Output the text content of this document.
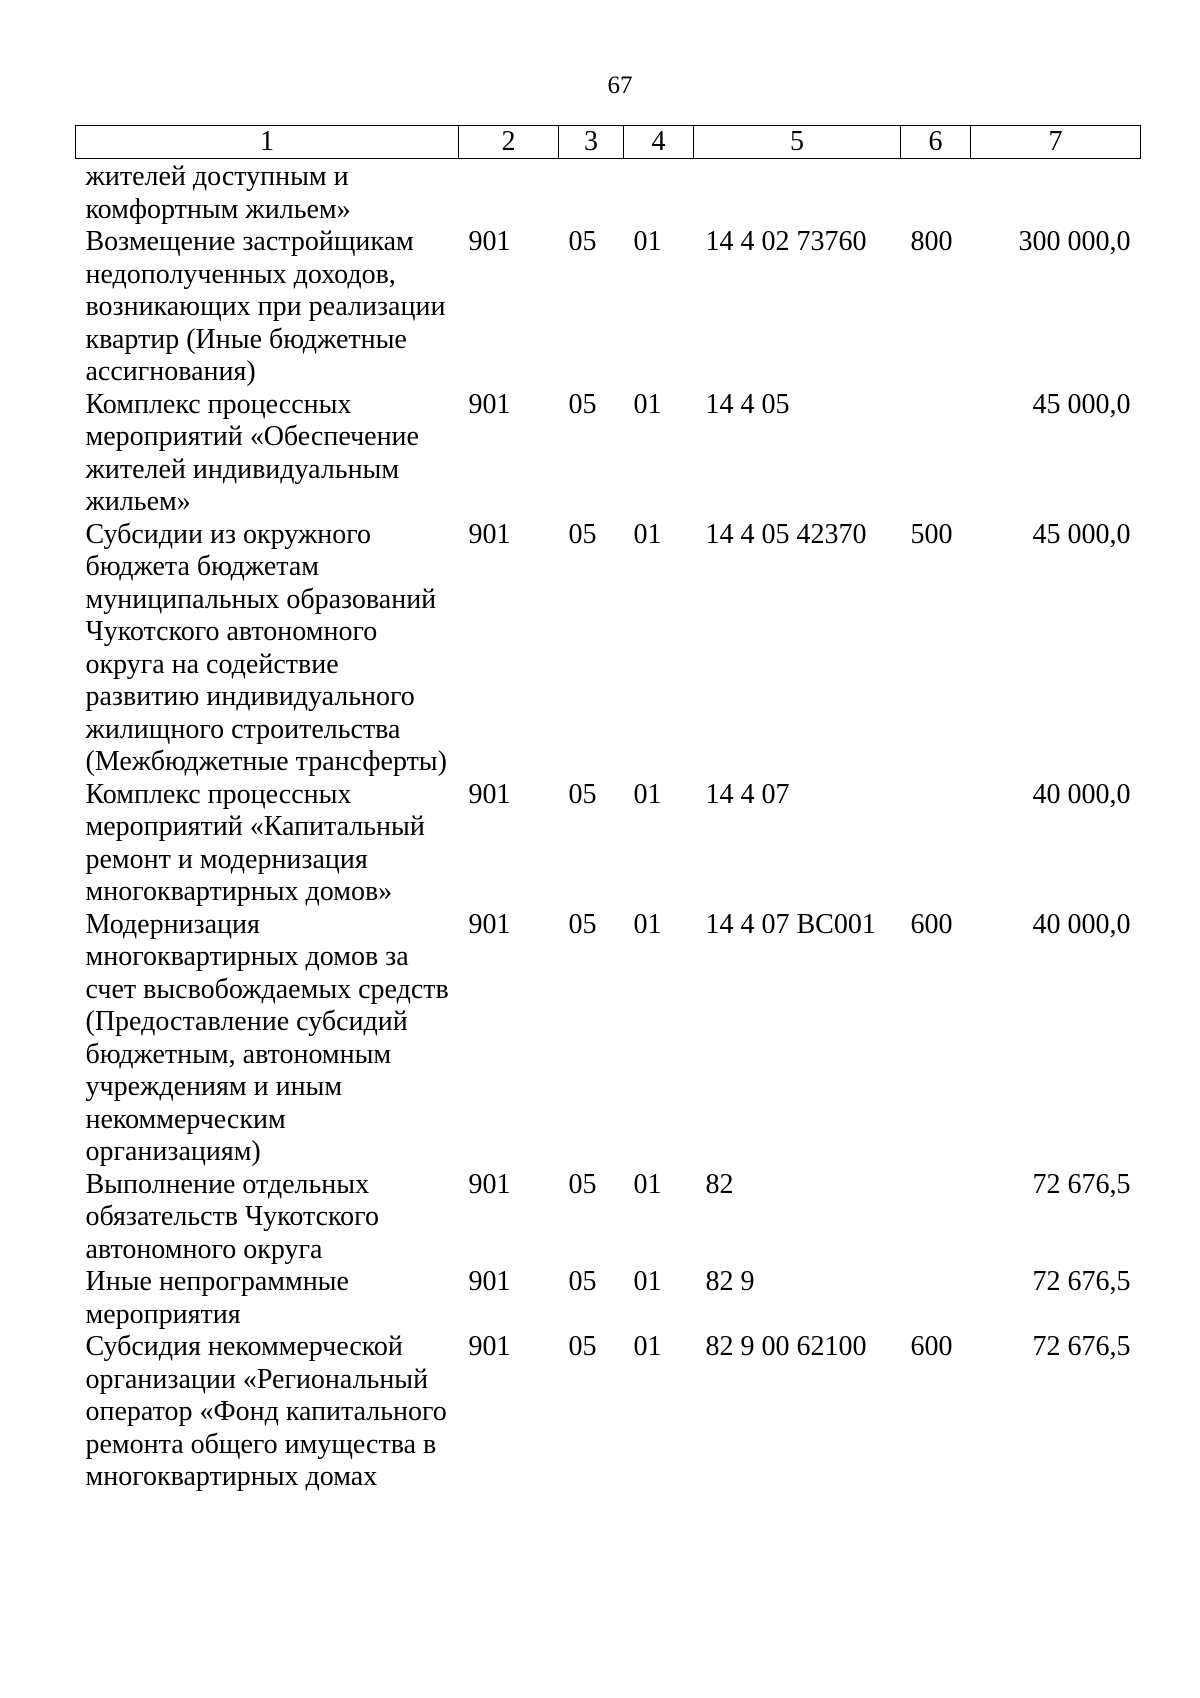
67
1	2	3	4	5	6	7
жителей доступным и комфортным жильем»						
Возмещение застройщикам недополученных доходов, возникающих при реализации квартир (Иные бюджетные ассигнования)	901	05	01	14 4 02 73760	800	300 000,0
Комплекс процессных мероприятий «Обеспечение жителей индивидуальным жильем»	901	05	01	14 4 05		45 000,0
Субсидии из окружного бюджета бюджетам муниципальных образований Чукотского автономного округа на содействие развитию индивидуального жилищного строительства (Межбюджетные трансферты)	901	05	01	14 4 05 42370	500	45 000,0
Комплекс процессных мероприятий «Капитальный ремонт и модернизация многоквартирных домов»	901	05	01	14 4 07		40 000,0
Модернизация многоквартирных домов за счет высвобождаемых средств (Предоставление субсидий бюджетным, автономным учреждениям и иным некоммерческим организациям)	901	05	01	14 4 07 ВС001	600	40 000,0
Выполнение отдельных обязательств Чукотского автономного округа	901	05	01	82		72 676,5
Иные непрограммные мероприятия	901	05	01	82 9		72 676,5
Субсидия некоммерческой организации «Региональный оператор «Фонд капитального ремонта общего имущества в многоквартирных домах	901	05	01	82 9 00 62100	600	72 676,5
